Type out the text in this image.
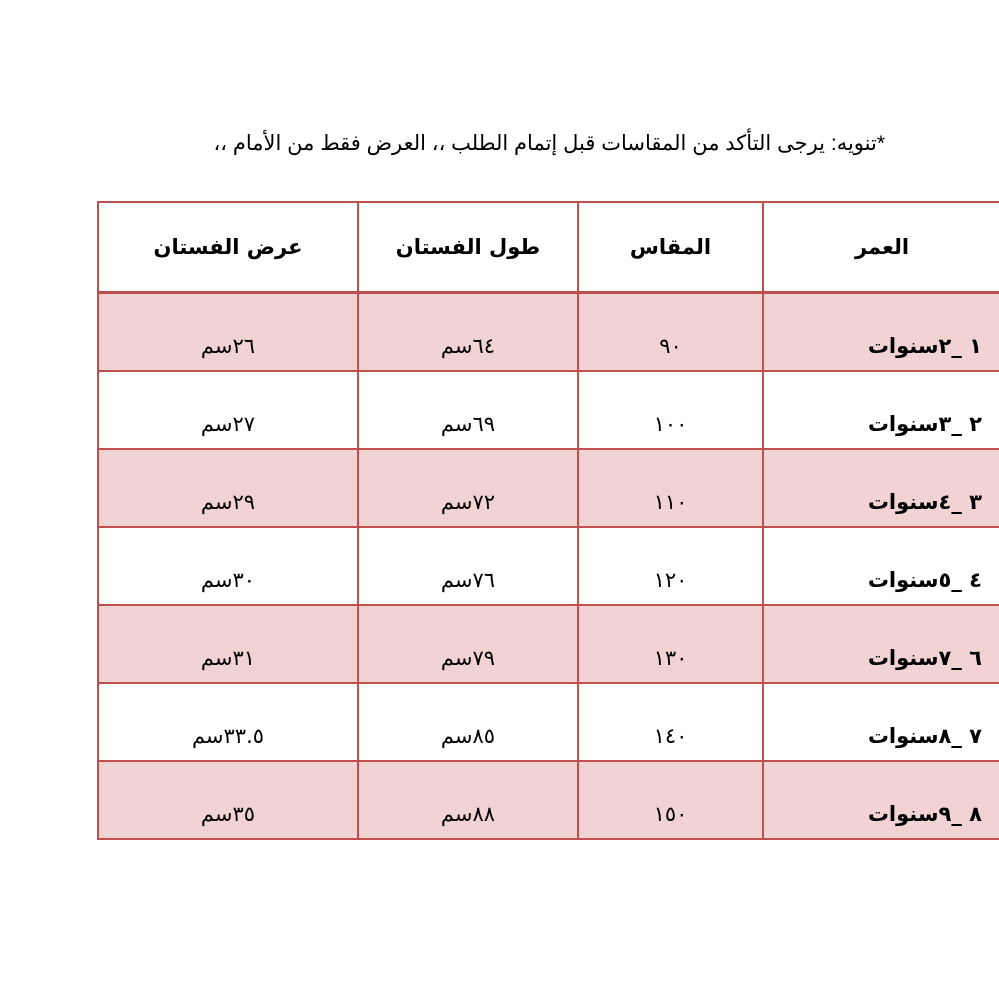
*تنويه: يرجى التأكد من المقاسات قبل إتمام الطلب ،، العرض فقط من الأمام ،،
العمر	المقاس	طول الفستان	عرض الفستان
١ _٢سنوات	٩٠	٦٤سم	٢٦سم
٢ _٣سنوات	١٠٠	٦٩سم	٢٧سم
٣ _٤سنوات	١١٠	٧٢سم	٢٩سم
٤ _٥سنوات	١٢٠	٧٦سم	٣٠سم
٦ _٧سنوات	١٣٠	٧٩سم	٣١سم
٧ _٨سنوات	١٤٠	٨٥سم	٣٣.٥سم
٨ _٩سنوات	١٥٠	٨٨سم	٣٥سم
